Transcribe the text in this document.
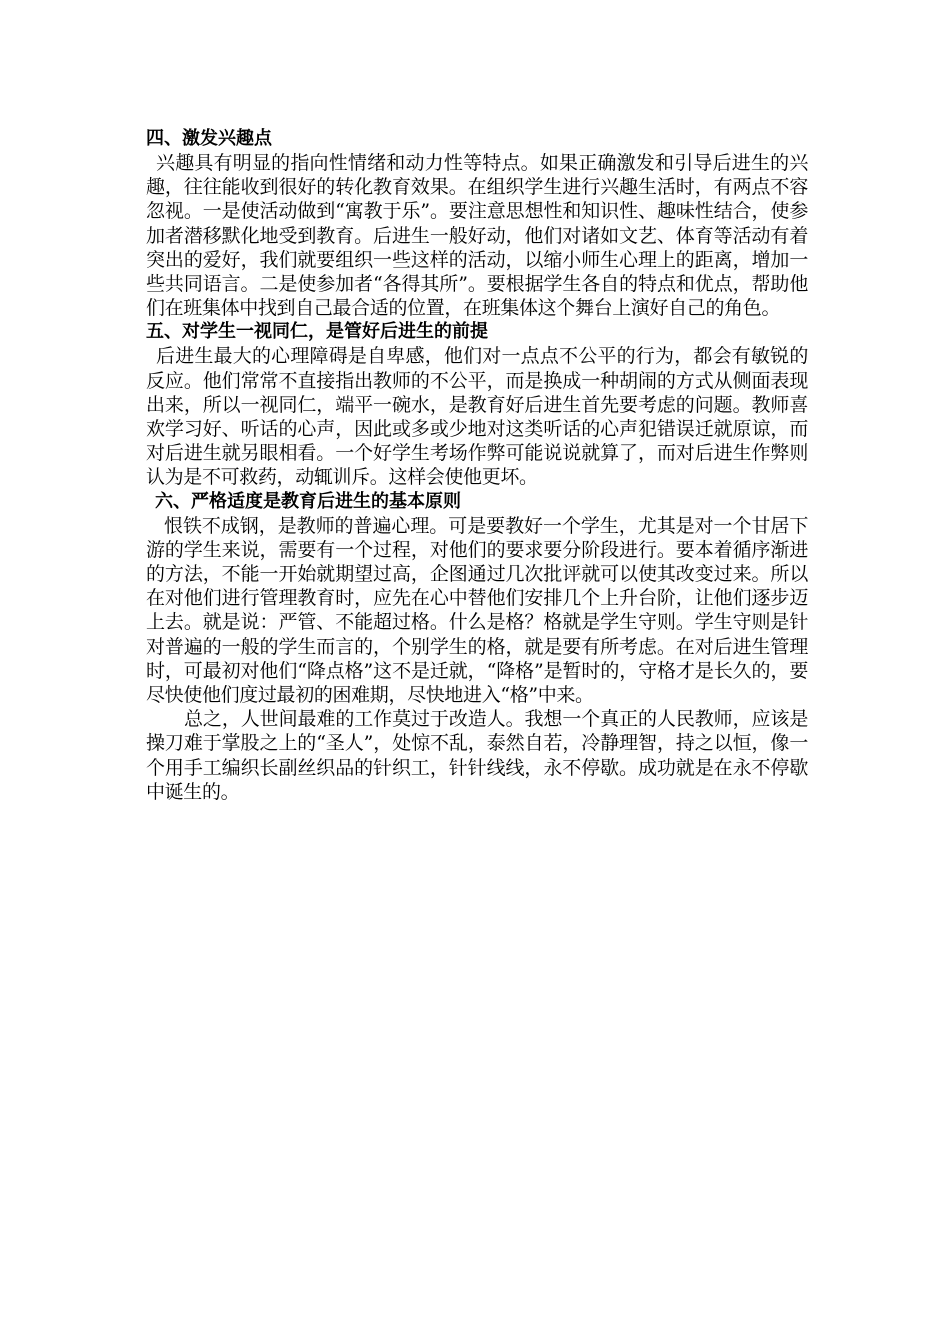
四、激发兴趣点

兴趣具有明显的指向性情绪和动力性等特点。如果正确激发和引导后进生的兴趣，往往能收到很好的转化教育效果。在组织学生进行兴趣生活时，有两点不容忽视。一是使活动做到“寓教于乐”。要注意思想性和知识性、趣味性结合，使参加者潜移默化地受到教育。后进生一般好动，他们对诸如文艺、体育等活动有着突出的爱好，我们就要组织一些这样的活动，以缩小师生心理上的距离，增加一些共同语言。二是使参加者“各得其所”。要根据学生各自的特点和优点，帮助他们在班集体中找到自己最合适的位置，在班集体这个舞台上演好自己的角色。

五、对学生一视同仁，是管好后进生的前提

后进生最大的心理障碍是自卑感，他们对一点点不公平的行为，都会有敏锐的反应。他们常常不直接指出教师的不公平，而是换成一种胡闹的方式从侧面表现出来，所以一视同仁，端平一碗水，是教育好后进生首先要考虑的问题。教师喜欢学习好、听话的心声，因此或多或少地对这类听话的心声犯错误迁就原谅，而对后进生就另眼相看。一个好学生考场作弊可能说说就算了，而对后进生作弊则认为是不可救药，动辄训斥。这样会使他更坏。

六、严格适度是教育后进生的基本原则

恨铁不成钢，是教师的普遍心理。可是要教好一个学生，尤其是对一个甘居下游的学生来说，需要有一个过程，对他们的要求要分阶段进行。要本着循序渐进的方法，不能一开始就期望过高，企图通过几次批评就可以使其改变过来。所以在对他们进行管理教育时，应先在心中替他们安排几个上升台阶，让他们逐步迈上去。就是说：严管、不能超过格。什么是格？格就是学生守则。学生守则是针对普遍的一般的学生而言的，个别学生的格，就是要有所考虑。在对后进生管理时，可最初对他们“降点格”这不是迁就，“降格”是暂时的，守格才是长久的，要尽快使他们度过最初的困难期，尽快地进入“格”中来。

总之，人世间最难的工作莫过于改造人。我想一个真正的人民教师，应该是操刀难于掌股之上的“圣人”，处惊不乱，泰然自若，冷静理智，持之以恒，像一个用手工编织长副丝织品的针织工，针针线线，永不停歇。成功就是在永不停歇中诞生的。
